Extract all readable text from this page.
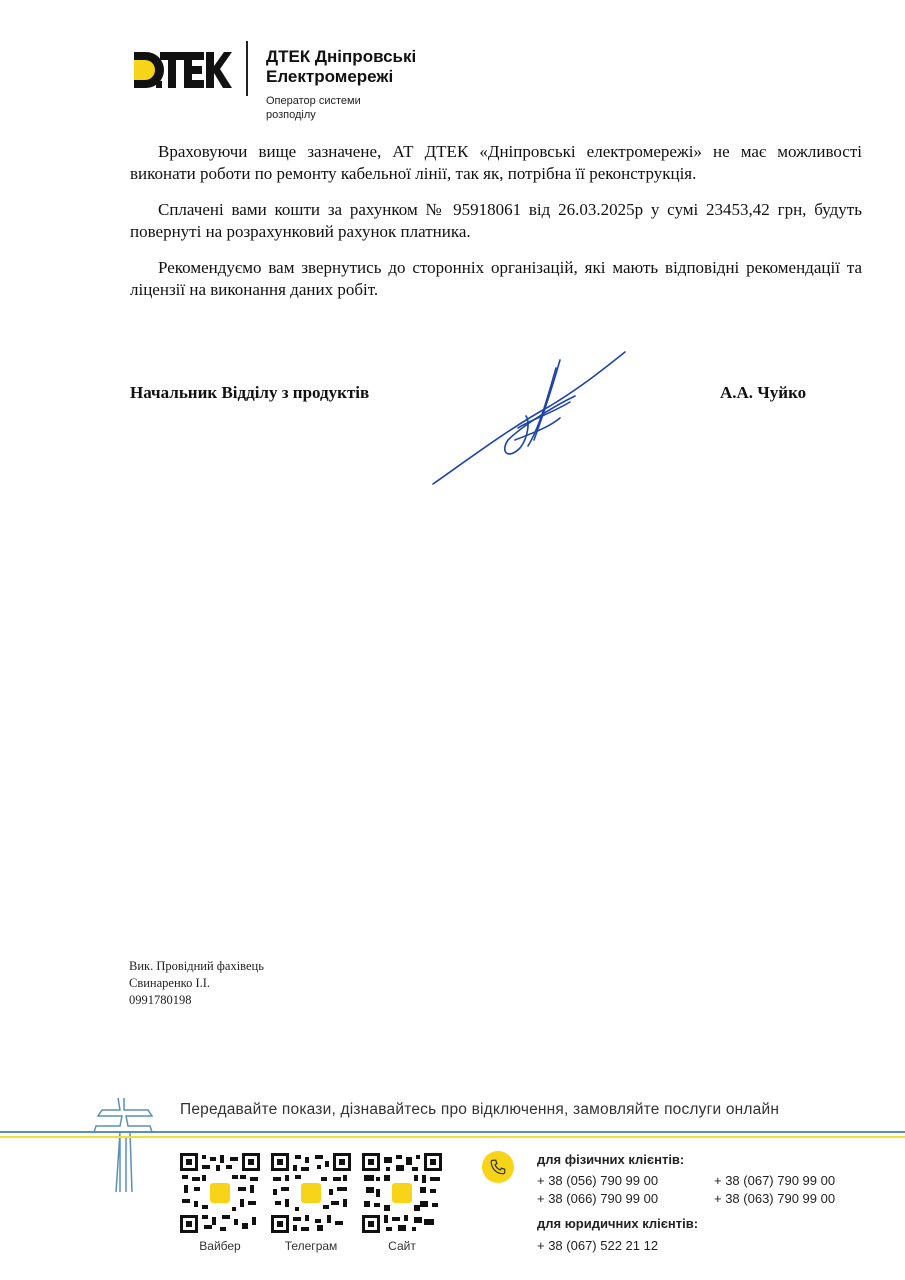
ДТЕК Дніпровські
Електромережі
Оператор системи
розподілу
Враховуючи вище зазначене, АТ ДТЕК «Дніпровські електромережі» не має можливості виконати роботи по ремонту кабельної лінії, так як, потрібна її реконструкція.
Сплачені вами кошти за рахунком № 95918061 від 26.03.2025р у сумі 23453,42 грн, будуть повернуті на розрахунковий рахунок платника.
Рекомендуємо вам звернутись до сторонніх організацій, які мають відповідні рекомендації та ліцензії на виконання даних робіт.
Начальник Відділу з продуктів	А.А. Чуйко
Вик. Провідний фахівець
Свинаренко І.І.
0991780198
Передавайте покази, дізнавайтесь про відключення, замовляйте послуги онлайн
Вайбер	Телеграм	Сайт
для фізичних клієнтів:
+ 38 (056) 790 99 00	+ 38 (067) 790 99 00
+ 38 (066) 790 99 00	+ 38 (063) 790 99 00
для юридичних клієнтів:
+ 38 (067) 522 21 12
